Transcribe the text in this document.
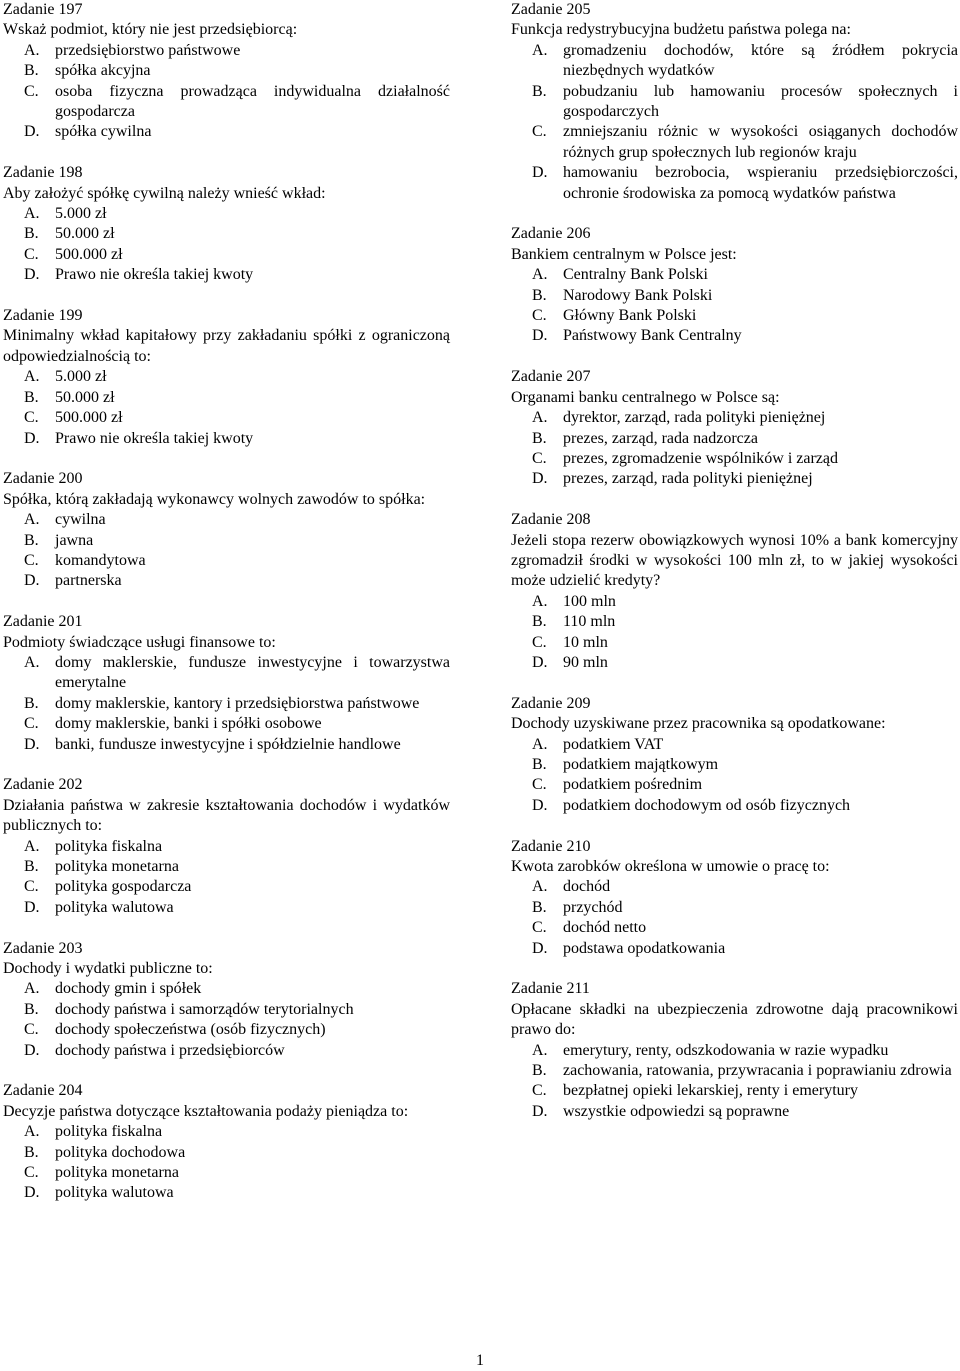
Zadanie 197
Wskaż podmiot, który nie jest przedsiębiorcą:
A. przedsiębiorstwo państwowe
B.	spółka akcyjna
C.	osoba fizyczna prowadząca indywidualna działalność gospodarcza
D. spółka cywilna
Zadanie 198
Aby założyć spółkę cywilną należy wnieść wkład:
A. 5.000 zł
B.	50.000 zł
C.	500.000 zł
D. Prawo nie określa takiej kwoty
Zadanie 199
Minimalny wkład kapitałowy przy zakładaniu spółki z ograniczoną odpowiedzialnością to:
A. 5.000 zł
B.	50.000 zł
C.	500.000 zł
D. Prawo nie określa takiej kwoty
Zadanie 200
Spółka, którą zakładają wykonawcy wolnych zawodów to spółka:
A. cywilna
B.	jawna
C.	komandytowa
D. partnerska
Zadanie 201
Podmioty świadczące usługi finansowe to:
A. domy maklerskie, fundusze inwestycyjne i towarzystwa emerytalne
B.	domy maklerskie, kantory i przedsiębiorstwa państwowe
C.	domy maklerskie, banki i spółki osobowe
D. banki, fundusze inwestycyjne i spółdzielnie handlowe
Zadanie 202
Działania państwa w zakresie kształtowania dochodów i wydatków publicznych to:
A. polityka fiskalna
B.	polityka monetarna
C.	polityka gospodarcza
D. polityka walutowa
Zadanie 203
Dochody i wydatki publiczne to:
A. dochody gmin i spółek
B.	dochody państwa i samorządów terytorialnych
C.	dochody społeczeństwa (osób fizycznych)
D. dochody państwa i przedsiębiorców
Zadanie 204
Decyzje państwa dotyczące kształtowania podaży pieniądza to:
A. polityka fiskalna
B.	polityka dochodowa
C.	polityka monetarna
D. polityka walutowa
Zadanie 205
Funkcja redystrybucyjna budżetu państwa polega na:
A. gromadzeniu dochodów, które są źródłem pokrycia niezbędnych wydatków
B.	pobudzaniu lub hamowaniu procesów społecznych i gospodarczych
C.	zmniejszaniu różnic w wysokości osiąganych dochodów różnych grup społecznych lub regionów kraju
D. hamowaniu bezrobocia, wspieraniu przedsiębiorczości, ochronie środowiska za pomocą wydatków państwa
Zadanie 206
Bankiem centralnym w Polsce jest:
A. Centralny Bank Polski
B.	Narodowy Bank Polski
C.	Główny Bank Polski
D. Państwowy Bank Centralny
Zadanie 207
Organami banku centralnego w Polsce są:
A. dyrektor, zarząd, rada polityki pieniężnej
B.	prezes, zarząd, rada nadzorcza
C.	prezes, zgromadzenie wspólników i zarząd
D. prezes, zarząd, rada polityki pieniężnej
Zadanie 208
Jeżeli stopa rezerw obowiązkowych wynosi 10% a bank komercyjny zgromadził środki w wysokości 100 mln zł, to w jakiej wysokości może udzielić kredyty?
A. 100 mln
B.	110 mln
C.	10 mln
D. 90 mln
Zadanie 209
Dochody uzyskiwane przez pracownika są opodatkowane:
A. podatkiem VAT
B.	podatkiem majątkowym
C.	podatkiem pośrednim
D. podatkiem dochodowym od osób fizycznych
Zadanie 210
Kwota zarobków określona w umowie o pracę to:
A. dochód
B.	przychód
C.	dochód netto
D. podstawa opodatkowania
Zadanie 211
Opłacane składki na ubezpieczenia zdrowotne dają pracownikowi prawo do:
A. emerytury, renty, odszkodowania w razie wypadku
B.	zachowania, ratowania, przywracania i poprawianiu zdrowia
C.	bezpłatnej opieki lekarskiej, renty i emerytury
D. wszystkie odpowiedzi są poprawne
1
